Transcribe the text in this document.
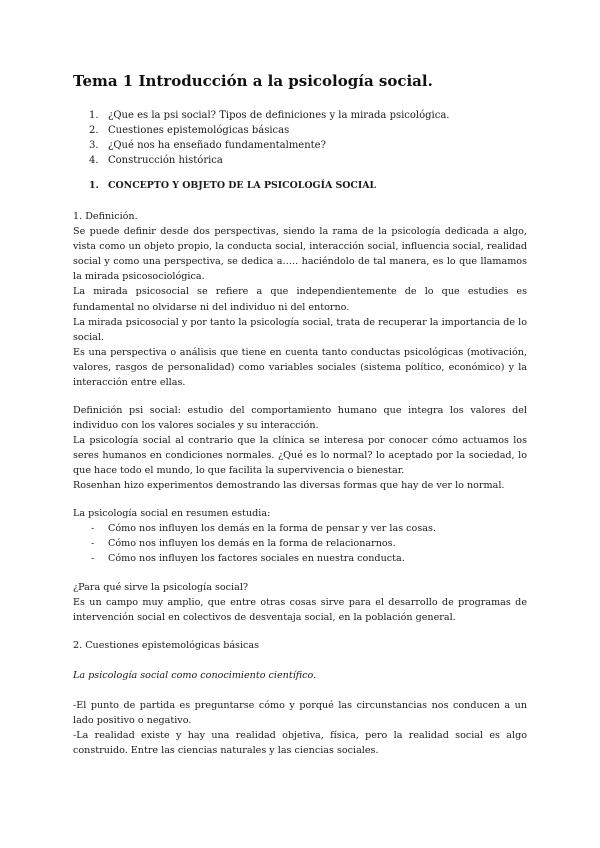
Tema 1 Introducción a la psicología social.
1. ¿Que es la psi social? Tipos de definiciones y la mirada psicológica.
2. Cuestiones epistemológicas básicas
3. ¿Qué nos ha enseñado fundamentalmente?
4. Construcción histórica
1. CONCEPTO Y OBJETO DE LA PSICOLOGÍA SOCIAL

1. Definición.

Se puede definir desde dos perspectivas, siendo la rama de la psicología dedicada a algo, vista como un objeto propio, la conducta social, interacción social, influencia social, realidad social y como una perspectiva, se dedica a….. haciéndolo de tal manera, es lo que llamamos la mirada psicosociológica.

La mirada psicosocial se refiere a que independientemente de lo que estudies es fundamental no olvidarse ni del individuo ni del entorno.

La mirada psicosocial y por tanto la psicología social, trata de recuperar la importancia de lo social.

Es una perspectiva o análisis que tiene en cuenta tanto conductas psicológicas (motivación, valores, rasgos de personalidad) como variables sociales (sistema político, económico) y la interacción entre ellas.

Definición psi social: estudio del comportamiento humano que integra los valores del individuo con los valores sociales y su interacción.

La psicología social al contrario que la clínica se interesa por conocer cómo actuamos los seres humanos en condiciones normales. ¿Qué es lo normal? lo aceptado por la sociedad, lo que hace todo el mundo, lo que facilita la supervivencia o bienestar.

Rosenhan hizo experimentos demostrando las diversas formas que hay de ver lo normal.

La psicología social en resumen estudia:

- Cómo nos influyen los demás en la forma de pensar y ver las cosas.
- Cómo nos influyen los demás en la forma de relacionarnos.
- Cómo nos influyen los factores sociales en nuestra conducta.

¿Para qué sirve la psicología social?

Es un campo muy amplio, que entre otras cosas sirve para el desarrollo de programas de intervención social en colectivos de desventaja social, en la población general.

2. Cuestiones epistemológicas básicas

La psicología social como conocimiento científico.

-El punto de partida es preguntarse cómo y porqué las circunstancias nos conducen a un lado positivo o negativo.

-La realidad existe y hay una realidad objetiva, física, pero la realidad social es algo construido. Entre las ciencias naturales y las ciencias sociales.
